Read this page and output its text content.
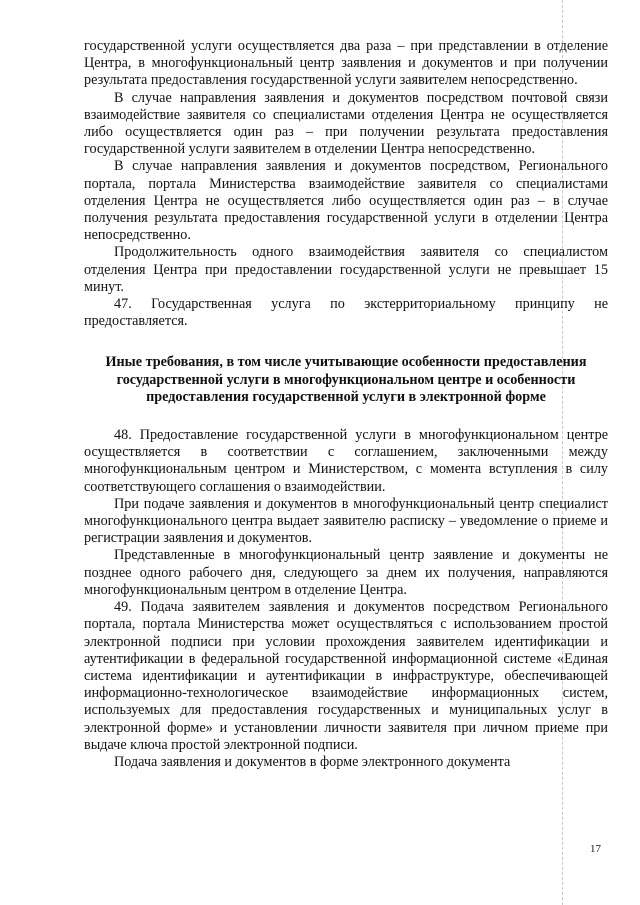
государственной услуги осуществляется два раза – при представлении в отделение Центра, в многофункциональный центр заявления и документов и при получении результата предоставления государственной услуги заявителем непосредственно.

В случае направления заявления и документов посредством почтовой связи взаимодействие заявителя со специалистами отделения Центра не осуществляется либо осуществляется один раз – при получении результата предоставления государственной услуги заявителем в отделении Центра непосредственно.

В случае направления заявления и документов посредством, Регионального портала, портала Министерства взаимодействие заявителя со специалистами отделения Центра не осуществляется либо осуществляется один раз – в случае получения результата предоставления государственной услуги в отделении Центра непосредственно.

Продолжительность одного взаимодействия заявителя со специалистом отделения Центра при предоставлении государственной услуги не превышает 15 минут.

47. Государственная услуга по экстерриториальному принципу не предоставляется.

Иные требования, в том числе учитывающие особенности предоставления государственной услуги в многофункциональном центре и особенности предоставления государственной услуги в электронной форме

48. Предоставление государственной услуги в многофункциональном центре осуществляется в соответствии с соглашением, заключенными между многофункциональным центром и Министерством, с момента вступления в силу соответствующего соглашения о взаимодействии.

При подаче заявления и документов в многофункциональный центр специалист многофункционального центра выдает заявителю расписку – уведомление о приеме и регистрации заявления и документов.

Представленные в многофункциональный центр заявление и документы не позднее одного рабочего дня, следующего за днем их получения, направляются многофункциональным центром в отделение Центра.

49. Подача заявителем заявления и документов посредством Регионального портала, портала Министерства может осуществляться с использованием простой электронной подписи при условии прохождения заявителем идентификации и аутентификации в федеральной государственной информационной системе «Единая система идентификации и аутентификации в инфраструктуре, обеспечивающей информационно-технологическое взаимодействие информационных систем, используемых для предоставления государственных и муниципальных услуг в электронной форме» и установлении личности заявителя при личном приеме при выдаче ключа простой электронной подписи.

Подача заявления и документов в форме электронного документа

17
